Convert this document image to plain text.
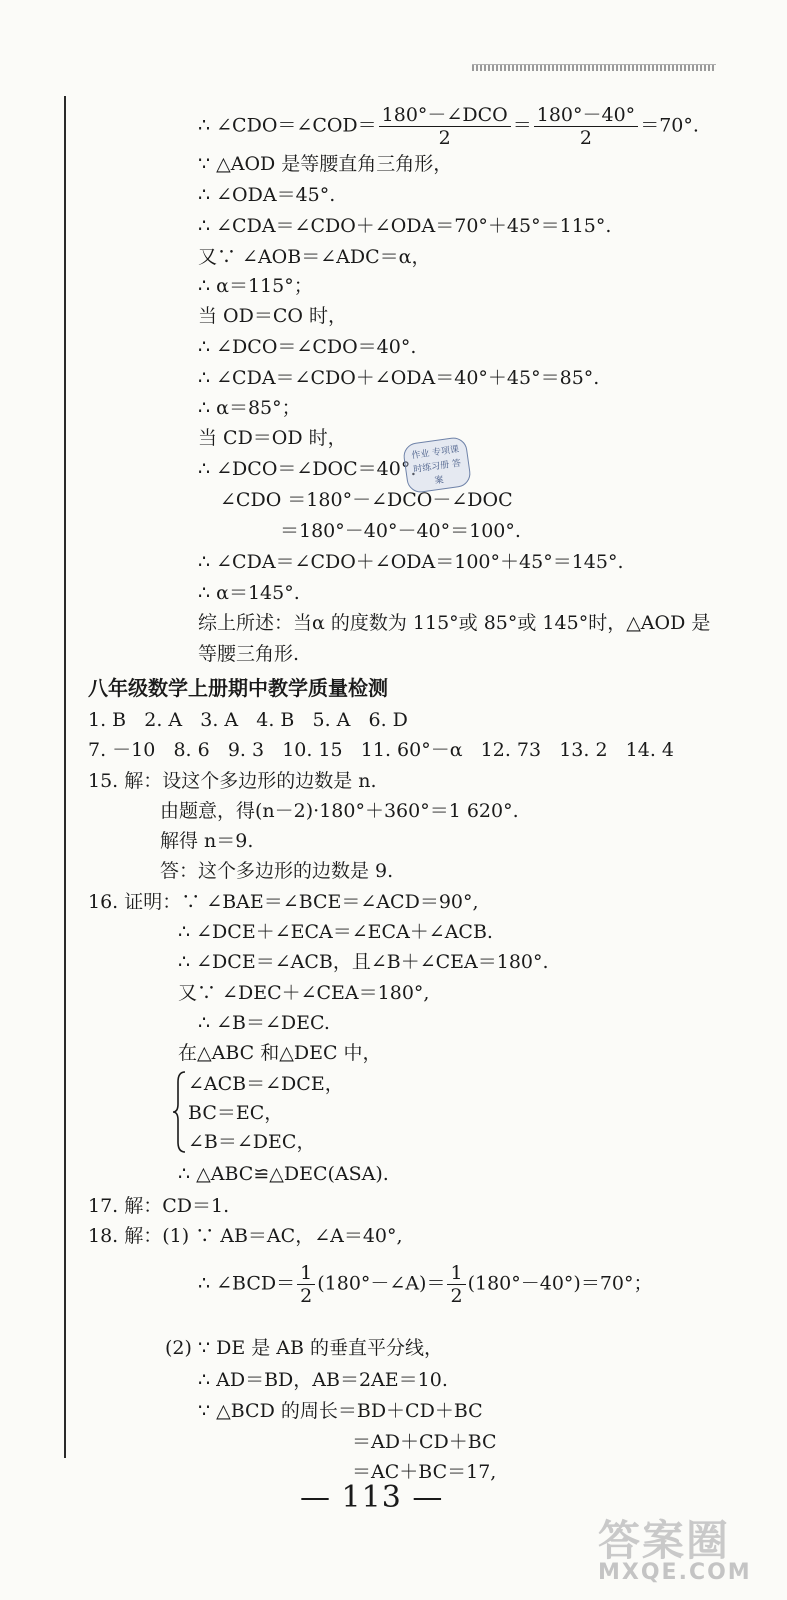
∴ ∠CDO＝∠COD＝ $\frac{\text{180°－∠DCO}}{2} = \frac{180^\circ-40^\circ}{2} =70^\circ$.
∵ △AOD 是等腰直角三角形，
∴ ∠ODA＝45°.
∴ ∠CDA＝∠CDO＋∠ODA＝70°＋45°＝115°.
又∵ ∠AOB＝∠ADC＝α，
∴ α＝115°；
当 OD＝CO 时，
∴ ∠DCO＝∠CDO＝40°.
∴ ∠CDA＝∠CDO＋∠ODA＝40°＋45°＝85°.
∴ α＝85°；
当 CD＝OD 时，
∴ ∠DCO＝∠DOC＝40°.
∠CDO ＝180°－∠DCO－∠DOC
＝180°－40°－40°＝100°.
∴ ∠CDA＝∠CDO＋∠ODA＝100°＋45°＝145°.
∴ α＝145°.
综上所述：当α 的度数为 115°或 85°或 145°时，△AOD 是
等腰三角形.
作业 专项课时练习册 答案
八年级数学上册期中教学质量检测
1. B   2. A   3. A   4. B   5. A   6. D
7. －10   8. 6   9. 3   10. 15   11. 60°－α   12. 73   13. 2   14. 4
15. 解：设这个多边形的边数是 n.
由题意，得(n－2)·180°＋360°＝1 620°.
解得 n＝9.
答：这个多边形的边数是 9.
16. 证明：∵ ∠BAE＝∠BCE＝∠ACD＝90°,
∴ ∠DCE＋∠ECA＝∠ECA＋∠ACB.
∴ ∠DCE＝∠ACB，且∠B＋∠CEA＝180°.
又∵ ∠DEC＋∠CEA＝180°,
∴ ∠B＝∠DEC.
在△ABC 和△DEC 中，
∠ACB＝∠DCE，
BC＝EC，
∠B＝∠DEC，
∴ △ABC≌△DEC(ASA).
17. 解：CD＝1.
18. 解：(1) ∵ AB＝AC，∠A＝40°,
∴ ∠BCD＝ $\frac{1}{2}$ (180°－∠A)＝ $\frac{1}{2} (180^\circ-40^\circ)=70^\circ$；
(2) ∵ DE 是 AB 的垂直平分线，
∴ AD＝BD，AB＝2AE＝10.
∵ △BCD 的周长＝BD＋CD＋BC
＝AD＋CD＋BC
＝AC＋BC＝17,
— 113 —
答案圈
MXQE.COM
